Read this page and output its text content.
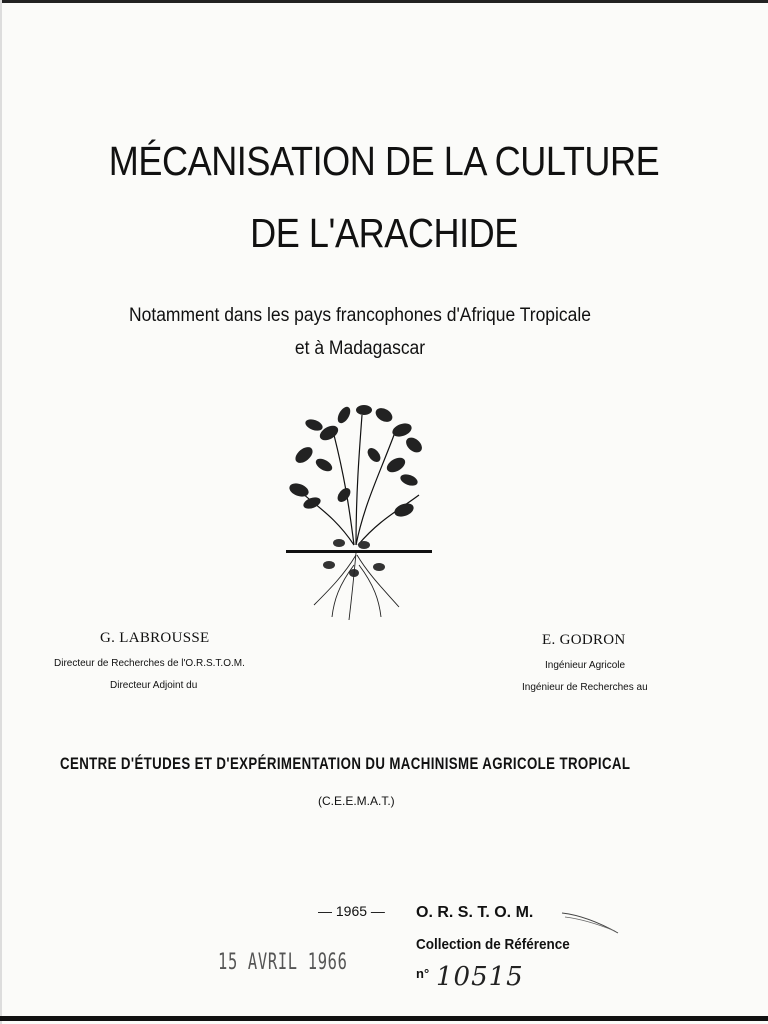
MÉCANISATION DE LA CULTURE
DE L'ARACHIDE
Notamment dans les pays francophones d'Afrique Tropicale
et à Madagascar
G. LABROUSSE
Directeur de Recherches de l'O.R.S.T.O.M.
Directeur Adjoint du
E. GODRON
Ingénieur Agricole
Ingénieur de Recherches au
CENTRE D'ÉTUDES ET D'EXPÉRIMENTATION DU MACHINISME AGRICOLE TROPICAL
(C.E.E.M.A.T.)
— 1965 — O. R. S. T. O. M.
Collection de Référence
n° 10515
15 AVRIL 1966
